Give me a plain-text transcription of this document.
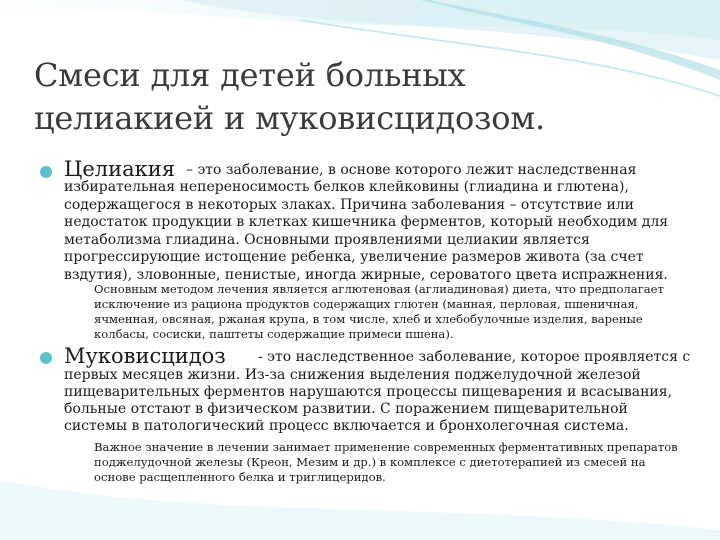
Смеси для детей больных
целиакией и муковисцидозом.
Целиакия – это заболевание, в основе которого лежит наследственная
избирательная непереносимость белков клейковины (глиадина и глютена), содержащегося в некоторых злаках. Причина заболевания – отсутствие или недостаток продукции в клетках кишечника ферментов, который необходим для метаболизма глиадина. Основными проявлениями целиакии является прогрессирующие истощение ребенка, увеличение размеров живота (за счет вздутия), зловонные, пенистые, иногда жирные, сероватого цвета испражнения.
Основным методом лечения является аглютеновая (аглиадиновая) диета, что предполагает исключение из рациона продуктов содержащих глютен (манная, перловая, пшеничная, ячменная, овсяная, ржаная крупа, в том числе, хлеб и хлебобулочные изделия, вареные колбасы, сосиски, паштеты содержащие примеси пшена).
Муковисцидоз - это наследственное заболевание, которое проявляется с
первых месяцев жизни. Из-за снижения выделения поджелудочной железой пищеварительных ферментов нарушаются процессы пищеварения и всасывания, больные отстают в физическом развитии. С поражением пищеварительной системы в патологический процесс включается и бронхолегочная система.
Важное значение в лечении занимает применение современных ферментативных препаратов поджелудочной железы (Креон, Мезим и др.) в комплексе с диетотерапией из смесей на основе расщепленного белка и триглицеридов.
